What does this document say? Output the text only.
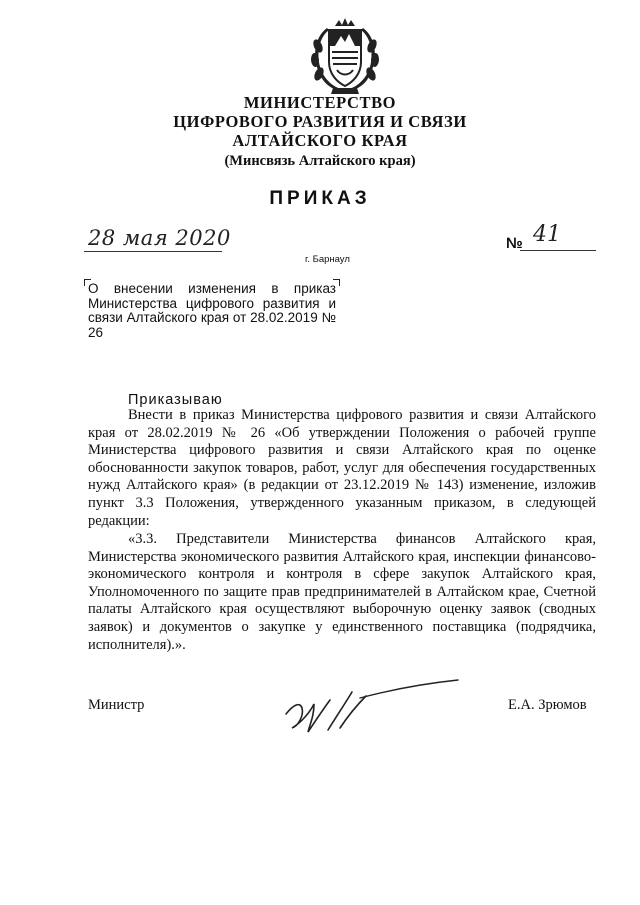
МИНИСТЕРСТВО
ЦИФРОВОГО РАЗВИТИЯ И СВЯЗИ
АЛТАЙСКОГО КРАЯ
(Минсвязь Алтайского края)
ПРИКАЗ
28 мая 2020
г. Барнаул
№ 41
О внесении изменения в приказ Министерства цифрового развития и связи Алтайского края от 28.02.2019 № 26
Приказываю
Внести в приказ Министерства цифрового развития и связи Алтайского края от 28.02.2019 № 26 «Об утверждении Положения о рабочей группе Министерства цифрового развития и связи Алтайского края по оценке обоснованности закупок товаров, работ, услуг для обеспечения государственных нужд Алтайского края» (в редакции от 23.12.2019 № 143) изменение, изложив пункт 3.3 Положения, утвержденного указанным приказом, в следующей редакции:
«3.3. Представители Министерства финансов Алтайского края, Министерства экономического развития Алтайского края, инспекции финансово-экономического контроля и контроля в сфере закупок Алтайского края, Уполномоченного по защите прав предпринимателей в Алтайском крае, Счетной палаты Алтайского края осуществляют выборочную оценку заявок (сводных заявок) и документов о закупке у единственного поставщика (подрядчика, исполнителя).».
Министр	Е.А. Зрюмов
